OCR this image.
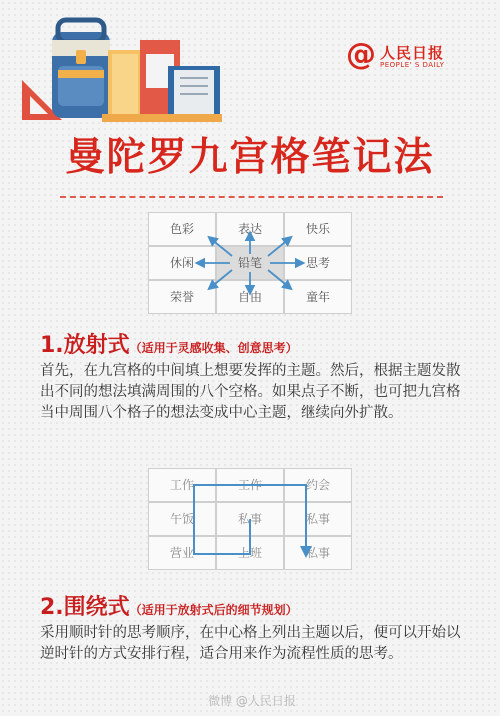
@ 人民日报
PEOPLE' S DAILY
曼陀罗九宫格笔记法
色彩	表达	快乐
休闲	铅笔	思考
荣誉	自由	童年
1.放射式（适用于灵感收集、创意思考）
首先，在九宫格的中间填上想要发挥的主题。然后，根据主题发散出不同的想法填满周围的八个空格。如果点子不断，也可把九宫格当中周围八个格子的想法变成中心主题，继续向外扩散。
工作	工作	约会
午饭	私事	私事
营业	上班	私事
2.围绕式（适用于放射式后的细节规划）
采用顺时针的思考顺序，在中心格上列出主题以后，便可以开始以逆时针的方式安排行程，适合用来作为流程性质的思考。
微博 @人民日报
